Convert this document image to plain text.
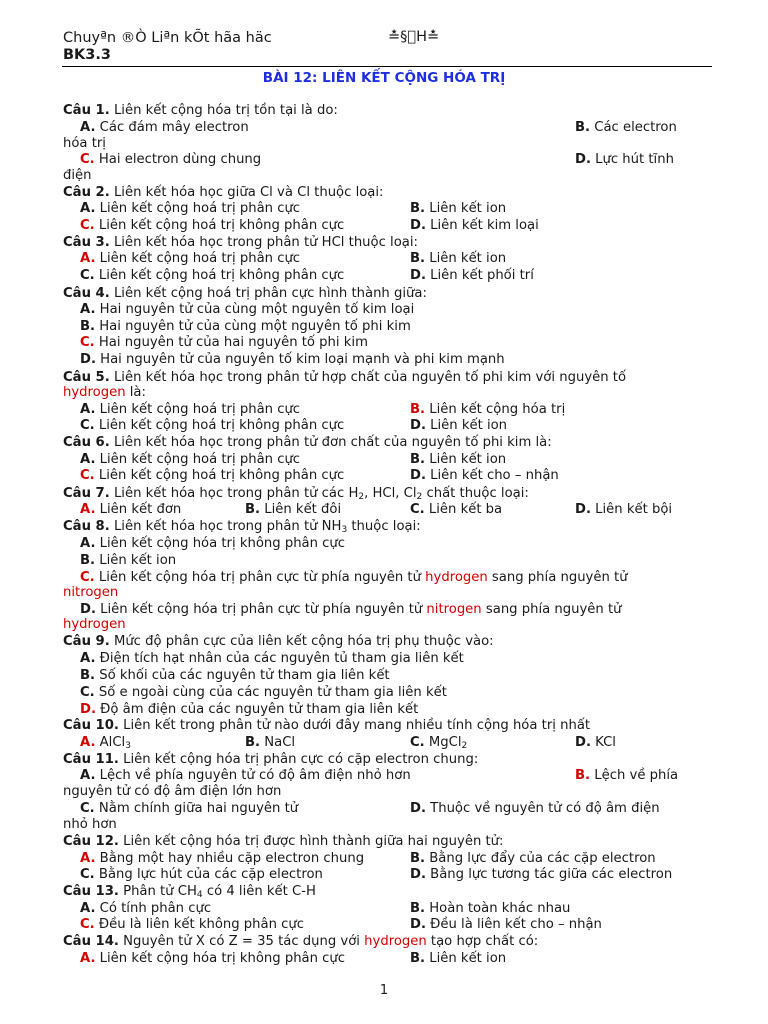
Chuyªn ®Ò Liªn kÕt hãa häc	≛§⃞H≛
BK3.3
BÀI 12: LIÊN KẾT CỘNG HÓA TRỊ
Câu 1. Liên kết cộng hóa trị tồn tại là do:
A. Các đám mây electron	B. Các electron
hóa trị
C. Hai electron dùng chung	D. Lực hút tĩnh
điện
Câu 2. Liên kết hóa học giữa Cl và Cl thuộc loại:
A. Liên kết cộng hoá trị phân cực	B. Liên kết ion
C. Liên kết cộng hoá trị không phân cực	D. Liên kết kim loại
Câu 3. Liên kết hóa học trong phân tử HCl thuộc loại:
A. Liên kết cộng hoá trị phân cực	B. Liên kết ion
C. Liên kết cộng hoá trị không phân cực	D. Liên kết phối trí
Câu 4. Liên kết cộng hoá trị phân cực hình thành giữa:
A. Hai nguyên tử của cùng một nguyên tố kim loại
B. Hai nguyên tử của cùng một nguyên tố phi kim
C. Hai nguyên tử của hai nguyên tố phi kim
D. Hai nguyên tử của nguyên tố kim loại mạnh và phi kim mạnh
Câu 5. Liên kết hóa học trong phân tử hợp chất của nguyên tố phi kim với nguyên tố
hydrogen là:
A. Liên kết cộng hoá trị phân cực	B. Liên kết cộng hóa trị
C. Liên kết cộng hoá trị không phân cực	D. Liên kết ion
Câu 6. Liên kết hóa học trong phân tử đơn chất của nguyên tố phi kim là:
A. Liên kết cộng hoá trị phân cực	B. Liên kết ion
C. Liên kết cộng hoá trị không phân cực	D. Liên kết cho – nhận
Câu 7. Liên kết hóa học trong phân tử các $H_2$, HCl, $Cl_2$ chất thuộc loại:
A. Liên kết đơn	B. Liên kết đôi	C. Liên kết ba	D. Liên kết bội
Câu 8. Liên kết hóa học trong phân tử $NH_3$ thuộc loại:
A. Liên kết cộng hóa trị không phân cực
B. Liên kết ion
C. Liên kết cộng hóa trị phân cực từ phía nguyên tử hydrogen sang phía nguyên tử
nitrogen
D. Liên kết cộng hóa trị phân cực từ phía nguyên tử nitrogen sang phía nguyên tử
hydrogen
Câu 9. Mức độ phân cực của liên kết cộng hóa trị phụ thuộc vào:
A. Điện tích hạt nhân của các nguyên tủ tham gia liên kết
B. Số khối của các nguyên tử tham gia liên kết
C. Số e ngoài cùng của các nguyên tử tham gia liên kết
D. Độ âm điện của các nguyên tử tham gia liên kết
Câu 10. Liên kết trong phân tử nào dưới đây mang nhiều tính cộng hóa trị nhất
A. AlCl$_3$	B. NaCl	C. MgCl$_2$	D. KCl
Câu 11. Liên kết cộng hóa trị phân cực có cặp electron chung:
A. Lệch về phía nguyên tử có độ âm điện nhỏ hơn	B. Lệch về phía
nguyên tử có độ âm điện lớn hơn
C. Nằm chính giữa hai nguyên tử	D. Thuộc về nguyên tử có độ âm điện
nhỏ hơn
Câu 12. Liên kết cộng hóa trị được hình thành giữa hai nguyên tử:
A. Bằng một hay nhiều cặp electron chung	B. Bằng lực đẩy của các cặp electron
C. Bằng lực hút của các cặp electron	D. Bằng lực tương tác giữa các electron
Câu 13. Phân tử $CH_4$ có 4 liên kết C-H
A. Có tính phân cực	B. Hoàn toàn khác nhau
C. Đều là liên kết không phân cực	D. Đều là liên kết cho – nhận
Câu 14. Nguyên tử X có Z = 35 tác dụng với hydrogen tạo hợp chất có:
A. Liên kết cộng hóa trị không phân cực	B. Liên kết ion
1
